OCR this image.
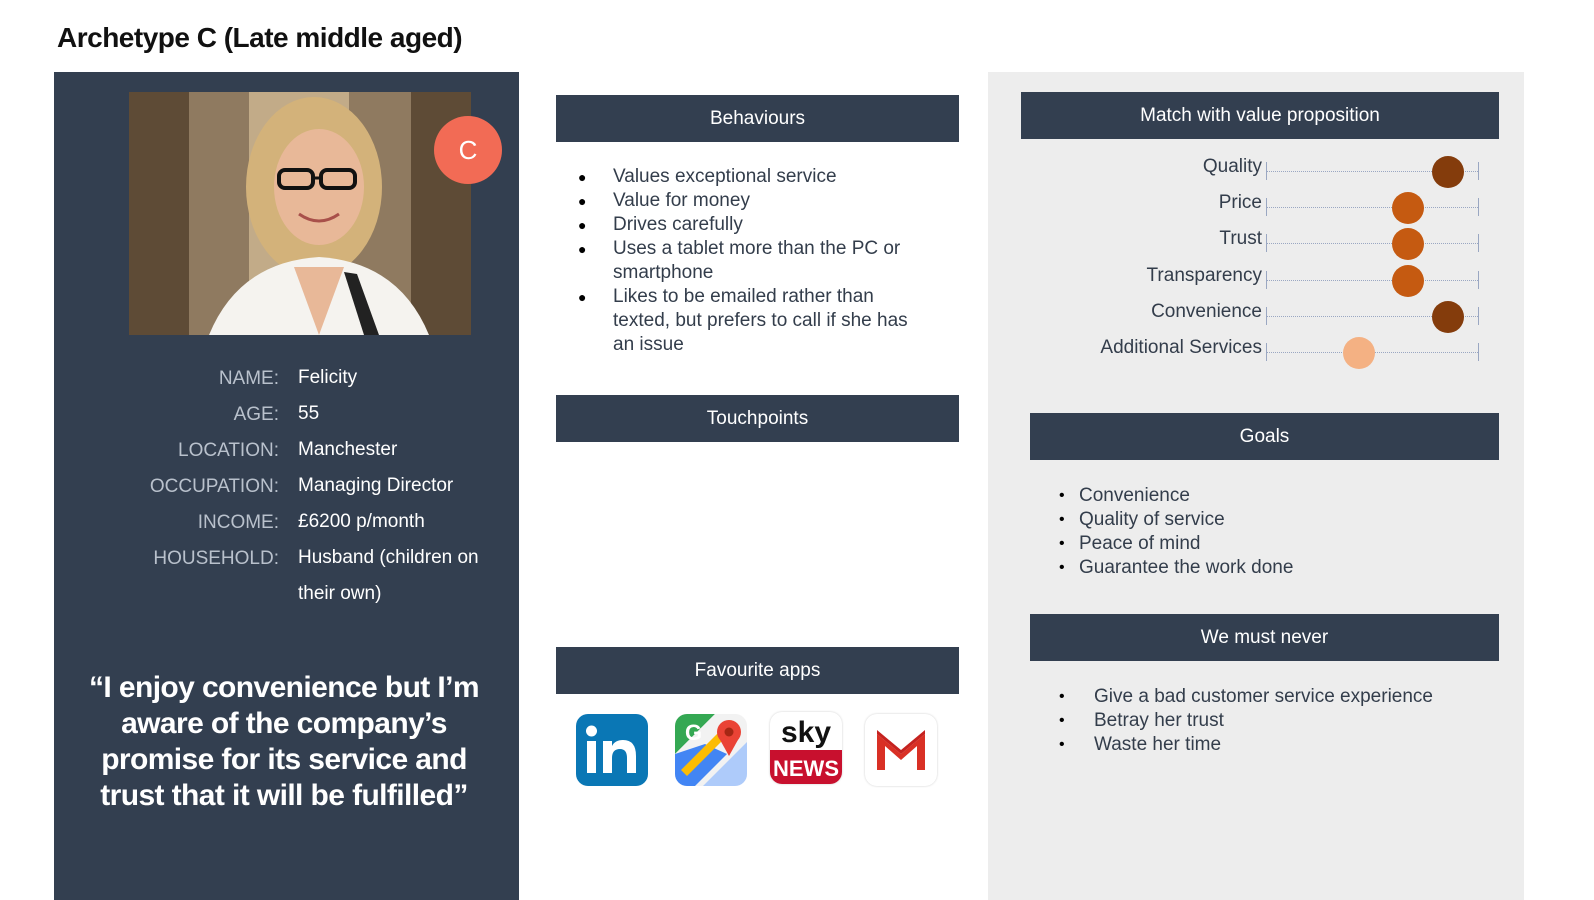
Archetype C (Late middle aged)
C
NAME: Felicity
AGE: 55
LOCATION: Manchester
OCCUPATION: Managing Director
INCOME: £6200 p/month
HOUSEHOLD: Husband (children on their own)
“I enjoy convenience but I’m aware of the company’s promise for its service and trust that it will be fulfilled”
Behaviours
● Values exceptional service
● Value for money
● Drives carefully
● Uses a tablet more than the PC or smartphone
● Likes to be emailed rather than texted, but prefers to call if she has an issue
Touchpoints
Favourite apps
G	sky
NEWS
Match with value proposition
Quality
Price
Trust
Transparency
Convenience
Additional Services
Goals
• Convenience
• Quality of service
• Peace of mind
• Guarantee the work done
We must never
• Give a bad customer service experience
• Betray her trust
• Waste her time
